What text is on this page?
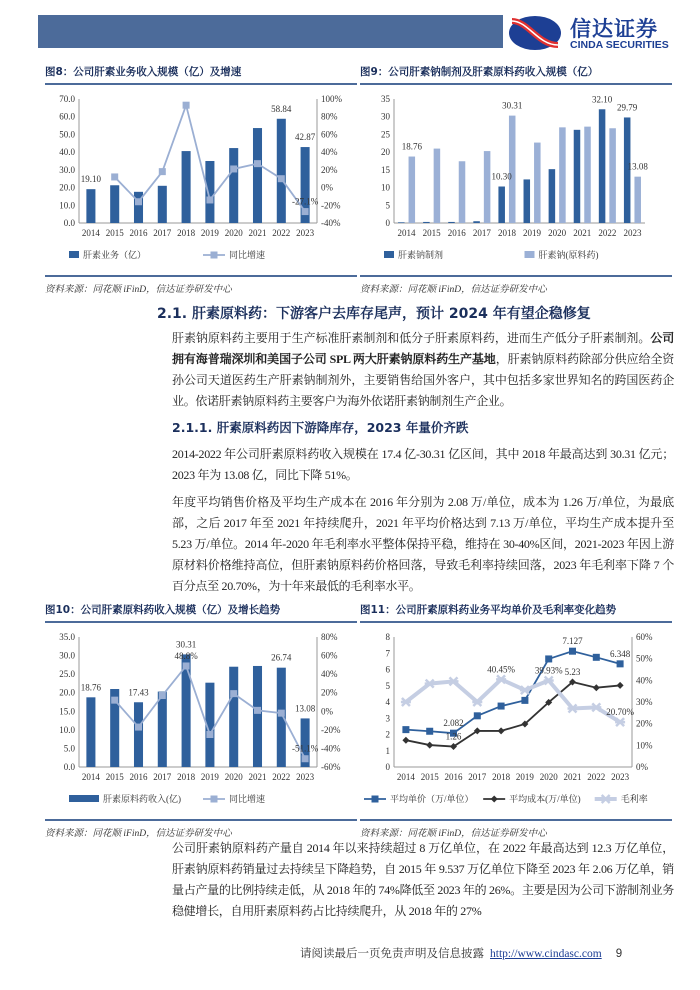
信达证券
CINDA SECURITIES
图8：公司肝素业务收入规模（亿）及增速
0.0
10.0
20.0
30.0
40.0
50.0
60.0
70.0
-40%
-20%
0%
20%
40%
60%
80%
100%
2014 2015 2016 2017 2018 2019 2020 2021 2022 2023
19.10
58.84
42.87
-27.1%
肝素业务（亿）	同比增速
资料来源：同花顺 iFinD，信达证券研发中心
图9：公司肝素钠制剂及肝素原料药收入规模（亿）
0
5
10
15
20
25
30
35
2014 2015 2016 2017 2018 2019 2020 2021 2022 2023
18.76
30.31
10.30
32.10
29.79
13.08
肝素钠制剂	肝素钠(原料药)
资料来源：同花顺 iFinD，信达证券研发中心
2.1. 肝素原料药：下游客户去库存尾声，预计 2024 年有望企稳修复
肝素钠原料药主要用于生产标准肝素制剂和低分子肝素原料药，进而生产低分子肝素制剂。公司拥有海普瑞深圳和美国子公司 SPL 两大肝素钠原料药生产基地，肝素钠原料药除部分供应给全资孙公司天道医药生产肝素钠制剂外，主要销售给国外客户，其中包括多家世界知名的跨国医药企业。依诺肝素钠原料药主要客户为海外依诺肝素钠制剂生产企业。
2.1.1. 肝素原料药因下游降库存，2023 年量价齐跌
2014-2022 年公司肝素原料药收入规模在 17.4 亿-30.31 亿区间，其中 2018 年最高达到 30.31 亿元；2023 年为 13.08 亿，同比下降 51%。
年度平均销售价格及平均生产成本在 2016 年分别为 2.08 万/单位，成本为 1.26 万/单位，为最底部，之后 2017 年至 2021 年持续爬升，2021 年平均价格达到 7.13 万/单位，平均生产成本提升至 5.23 万/单位。2014 年-2020 年毛利率水平整体保持平稳，维持在 30-40%区间，2021-2023 年因上游原材料价格维持高位，但肝素钠原料药价格回落，导致毛利率持续回落，2023 年毛利率下降 7 个百分点至 20.70%，为十年来最低的毛利率水平。
图10：公司肝素原料药收入规模（亿）及增长趋势
0.0
5.0
10.0
15.0
20.0
25.0
30.0
35.0
-60%
-40%
-20%
0%
20%
40%
60%
80%
2014 2015 2016 2017 2018 2019 2020 2021 2022 2023
18.76	17.43
30.31
48.8%	26.74
13.08
-51.1%
肝素原料药收入(亿)	同比增速
资料来源：同花顺 iFinD，信达证券研发中心
图11：公司肝素原料药业务平均单价及毛利率变化趋势
0
1
2
3
4
5
6
7
8
0%
10%
20%
30%
40%
50%
60%
2014 2015 2016 2017 2018 2019 2020 2021 2022 2023
2.082
1.26
40.45% 39.93% 5.23
7.127
6.348
20.70%
平均单价（万/单位）	平均成本(万/单位)	毛利率
资料来源：同花顺 iFinD，信达证券研发中心
公司肝素钠原料药产量自 2014 年以来持续超过 8 万亿单位，在 2022 年最高达到 12.3 万亿单位，肝素钠原料药销量过去持续呈下降趋势，自 2015 年 9.537 万亿单位下降至 2023 年 2.06 万亿单，销量占产量的比例持续走低，从 2018 年的 74%降低至 2023 年的 26%。主要是因为公司下游制剂业务稳健增长，自用肝素原料药占比持续爬升，从 2018 年的 27%
请阅读最后一页免责声明及信息披露 http://www.cindasc.com 9
